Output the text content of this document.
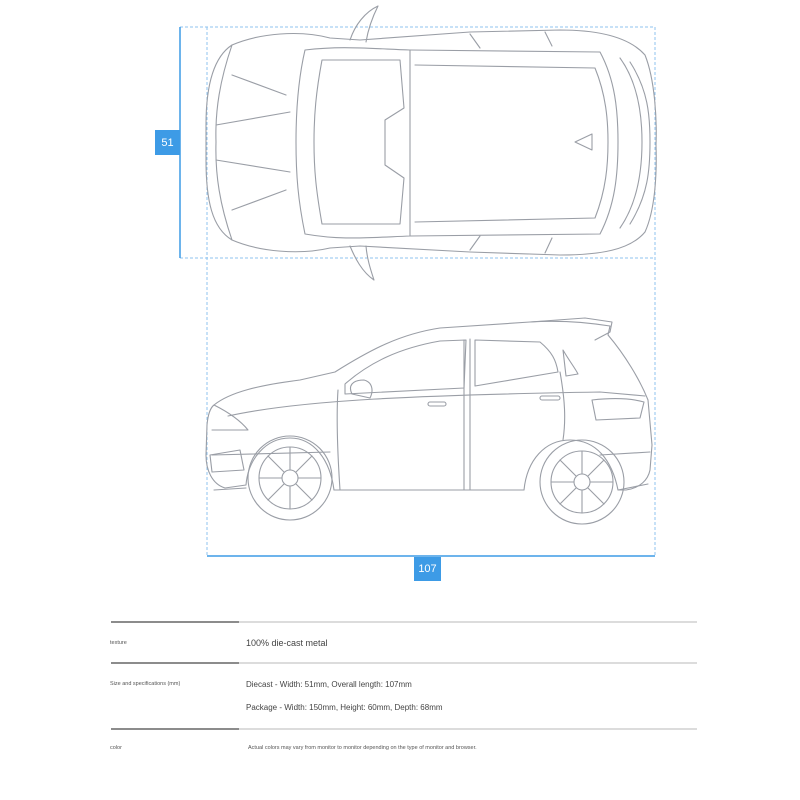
51
107
texture	100% die-cast metal
Size and specifications (mm)	Diecast - Width: 51mm, Overall length: 107mm
Package - Width: 150mm, Height: 60mm, Depth: 68mm
color	Actual colors may vary from monitor to monitor depending on the type of monitor and browser.
